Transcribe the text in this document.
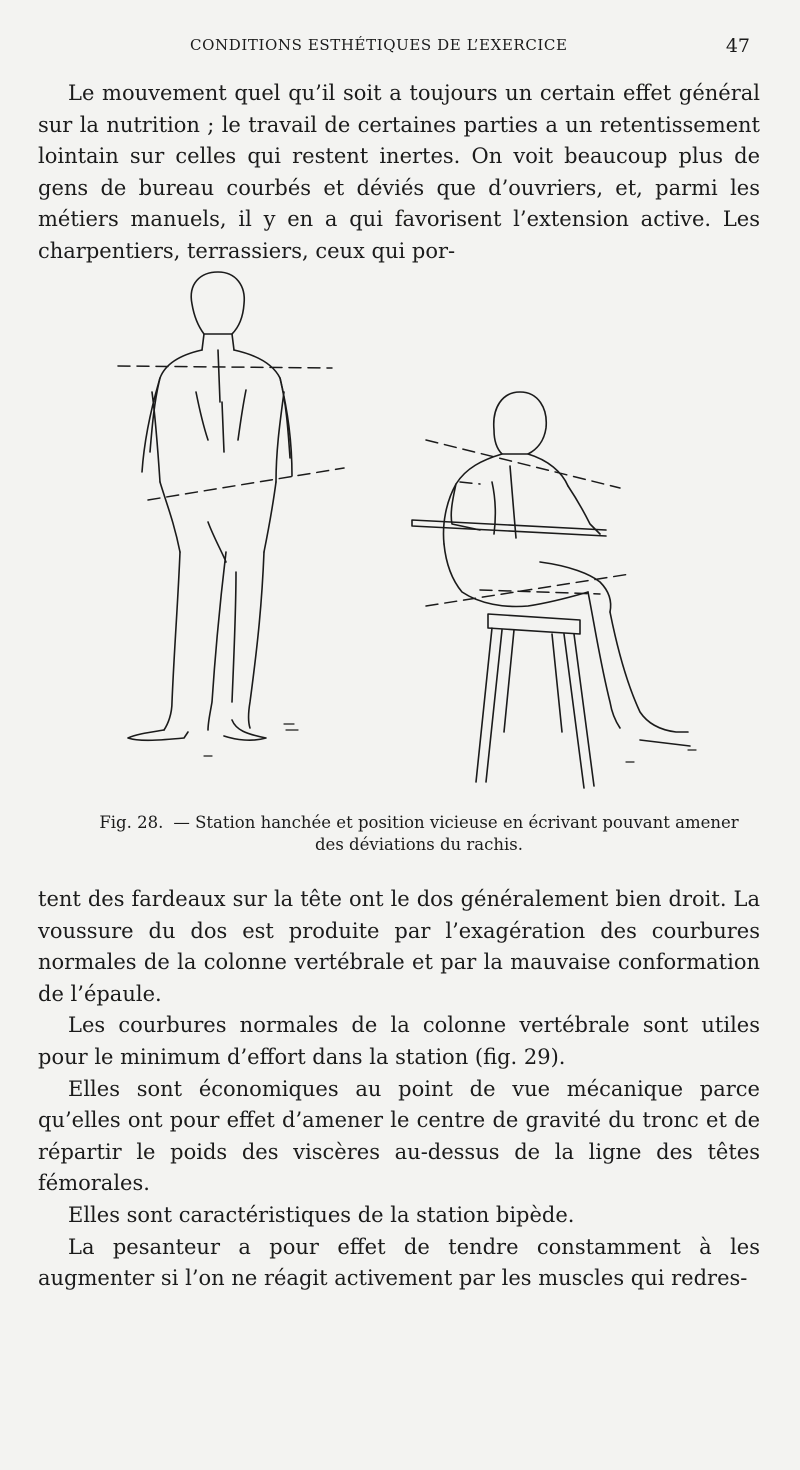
CONDITIONS ESTHÉTIQUES DE L’EXERCICE	47

Le mouvement quel qu’il soit a toujours un certain effet général sur la nutrition ; le travail de certaines parties a un retentissement lointain sur celles qui restent inertes. On voit beaucoup plus de gens de bureau courbés et déviés que d’ouvriers, et, parmi les métiers manuels, il y en a qui favorisent l’extension active. Les charpentiers, terrassiers, ceux qui por-

Fig. 28. — Station hanchée et position vicieuse en écrivant pouvant amener des déviations du rachis.

tent des fardeaux sur la tête ont le dos généralement bien droit. La voussure du dos est produite par l’exagération des courbures normales de la colonne vertébrale et par la mauvaise conformation de l’épaule.

Les courbures normales de la colonne vertébrale sont utiles pour le minimum d’effort dans la station (fig. 29).

Elles sont économiques au point de vue mécanique parce qu’elles ont pour effet d’amener le centre de gravité du tronc et de répartir le poids des viscères au-dessus de la ligne des têtes fémorales.

Elles sont caractéristiques de la station bipède.

La pesanteur a pour effet de tendre constamment à les augmenter si l’on ne réagit activement par les muscles qui redres-
